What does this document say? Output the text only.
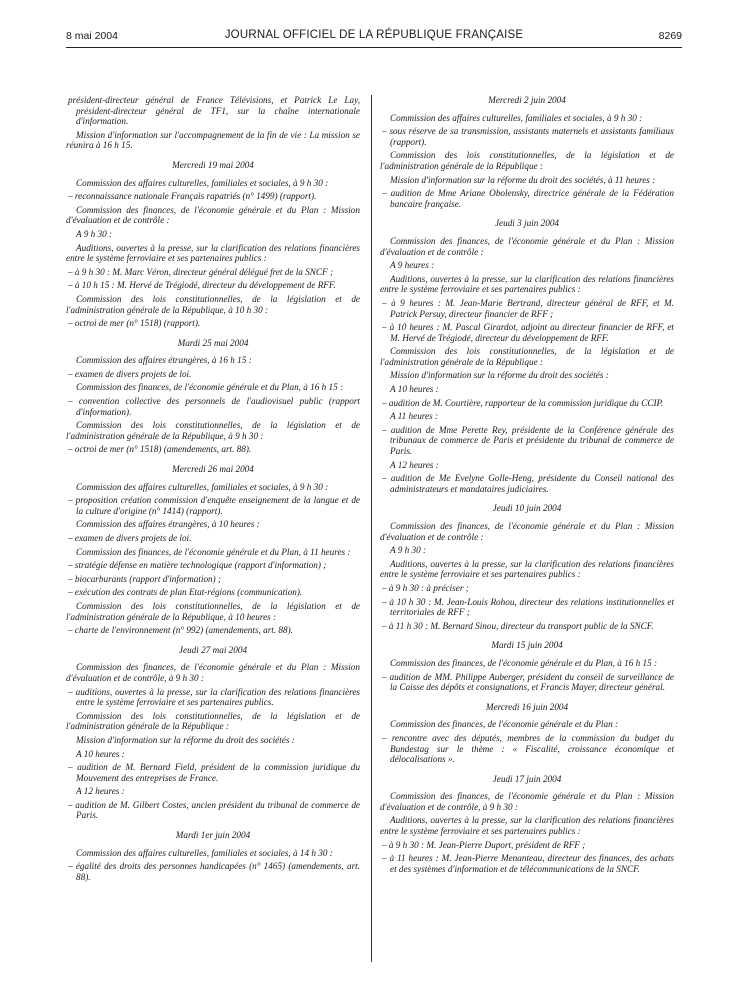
8 mai 2004	JOURNAL OFFICIEL DE LA RÉPUBLIQUE FRANÇAISE	8269
président-directeur général de France Télévisions, et Patrick Le Lay, président-directeur général de TF1, sur la chaîne internationale d'information.
Mission d'information sur l'accompagnement de la fin de vie : La mission se réunira à 16 h 15.
Mercredi 19 mai 2004
Commission des affaires culturelles, familiales et sociales, à 9 h 30 :
– reconnaissance nationale Français rapatriés (n° 1499) (rapport).
Commission des finances, de l'économie générale et du Plan : Mission d'évaluation et de contrôle :
A 9 h 30 :
Auditions, ouvertes à la presse, sur la clarification des relations financières entre le système ferroviaire et ses partenaires publics :
– à 9 h 30 : M. Marc Véron, directeur général délégué fret de la SNCF ;
– à 10 h 15 : M. Hervé de Trégiodé, directeur du développement de RFF.
Commission des lois constitutionnelles, de la législation et de l'administration générale de la République, à 10 h 30 :
– octroi de mer (n° 1518) (rapport).
Mardi 25 mai 2004
Commission des affaires étrangères, à 16 h 15 :
– examen de divers projets de loi.
Commission des finances, de l'économie générale et du Plan, à 16 h 15 :
– convention collective des personnels de l'audiovisuel public (rapport d'information).
Commission des lois constitutionnelles, de la législation et de l'administration générale de la République, à 9 h 30 :
– octroi de mer (n° 1518) (amendements, art. 88).
Mercredi 26 mai 2004
Commission des affaires culturelles, familiales et sociales, à 9 h 30 :
– proposition création commission d'enquête enseignement de la langue et de la culture d'origine (n° 1414) (rapport).
Commission des affaires étrangères, à 10 heures :
– examen de divers projets de loi.
Commission des finances, de l'économie générale et du Plan, à 11 heures :
– stratégie défense en matière technologique (rapport d'information) ;
– biocarburants (rapport d'information) ;
– exécution des contrats de plan Etat-régions (communication).
Commission des lois constitutionnelles, de la législation et de l'administration générale de la République, à 10 heures :
– charte de l'environnement (n° 992) (amendements, art. 88).
Jeudi 27 mai 2004
Commission des finances, de l'économie générale et du Plan : Mission d'évaluation et de contrôle, à 9 h 30 :
– auditions, ouvertes à la presse, sur la clarification des relations financières entre le système ferroviaire et ses partenaires publics.
Commission des lois constitutionnelles, de la législation et de l'administration générale de la République :
Mission d'information sur la réforme du droit des sociétés :
A 10 heures :
– audition de M. Bernard Field, président de la commission juridique du Mouvement des entreprises de France.
A 12 heures :
– audition de M. Gilbert Costes, ancien président du tribunal de commerce de Paris.
Mardi 1er juin 2004
Commission des affaires culturelles, familiales et sociales, à 14 h 30 :
– égalité des droits des personnes handicapées (n° 1465) (amendements, art. 88).
Mercredi 2 juin 2004
Commission des affaires culturelles, familiales et sociales, à 9 h 30 :
– sous réserve de sa transmission, assistants maternels et assistants familiaux (rapport).
Commission des lois constitutionnelles, de la législation et de l'administration générale de la République :
Mission d'information sur la réforme du droit des sociétés, à 11 heures :
– audition de Mme Ariane Obolensky, directrice générale de la Fédération bancaire française.
Jeudi 3 juin 2004
Commission des finances, de l'économie générale et du Plan : Mission d'évaluation et de contrôle :
A 9 heures :
Auditions, ouvertes à la presse, sur la clarification des relations financières entre le système ferroviaire et ses partenaires publics :
– à 9 heures : M. Jean-Marie Bertrand, directeur général de RFF, et M. Patrick Persuy, directeur financier de RFF ;
– à 10 heures : M. Pascal Girardot, adjoint au directeur financier de RFF, et M. Hervé de Trégiodé, directeur du développement de RFF.
Commission des lois constitutionnelles, de la législation et de l'administration générale de la République :
Mission d'information sur la réforme du droit des sociétés :
A 10 heures :
– audition de M. Courtière, rapporteur de la commission juridique du CCIP.
A 11 heures :
– audition de Mme Perette Rey, présidente de la Conférence générale des tribunaux de commerce de Paris et présidente du tribunal de commerce de Paris.
A 12 heures :
– audition de Me Evelyne Golle-Heng, présidente du Conseil national des administrateurs et mandataires judiciaires.
Jeudi 10 juin 2004
Commission des finances, de l'économie générale et du Plan : Mission d'évaluation et de contrôle :
A 9 h 30 :
Auditions, ouvertes à la presse, sur la clarification des relations financières entre le système ferroviaire et ses partenaires publics :
– à 9 h 30 : à préciser ;
– à 10 h 30 : M. Jean-Louis Rohou, directeur des relations institutionnelles et territoriales de RFF ;
– à 11 h 30 : M. Bernard Sinou, directeur du transport public de la SNCF.
Mardi 15 juin 2004
Commission des finances, de l'économie générale et du Plan, à 16 h 15 :
– audition de MM. Philippe Auberger, président du conseil de surveillance de la Caisse des dépôts et consignations, et Francis Mayer, directeur général.
Mercredi 16 juin 2004
Commission des finances, de l'économie générale et du Plan :
– rencontre avec des députés, membres de la commission du budget du Bundestag sur le thème : « Fiscalité, croissance économique et délocalisations ».
Jeudi 17 juin 2004
Commission des finances, de l'économie générale et du Plan : Mission d'évaluation et de contrôle, à 9 h 30 :
Auditions, ouvertes à la presse, sur la clarification des relations financières entre le système ferroviaire et ses partenaires publics :
– à 9 h 30 : M. Jean-Pierre Duport, président de RFF ;
– à 11 heures : M. Jean-Pierre Menanteau, directeur des finances, des achats et des systèmes d'information et de télécommunications de la SNCF.
